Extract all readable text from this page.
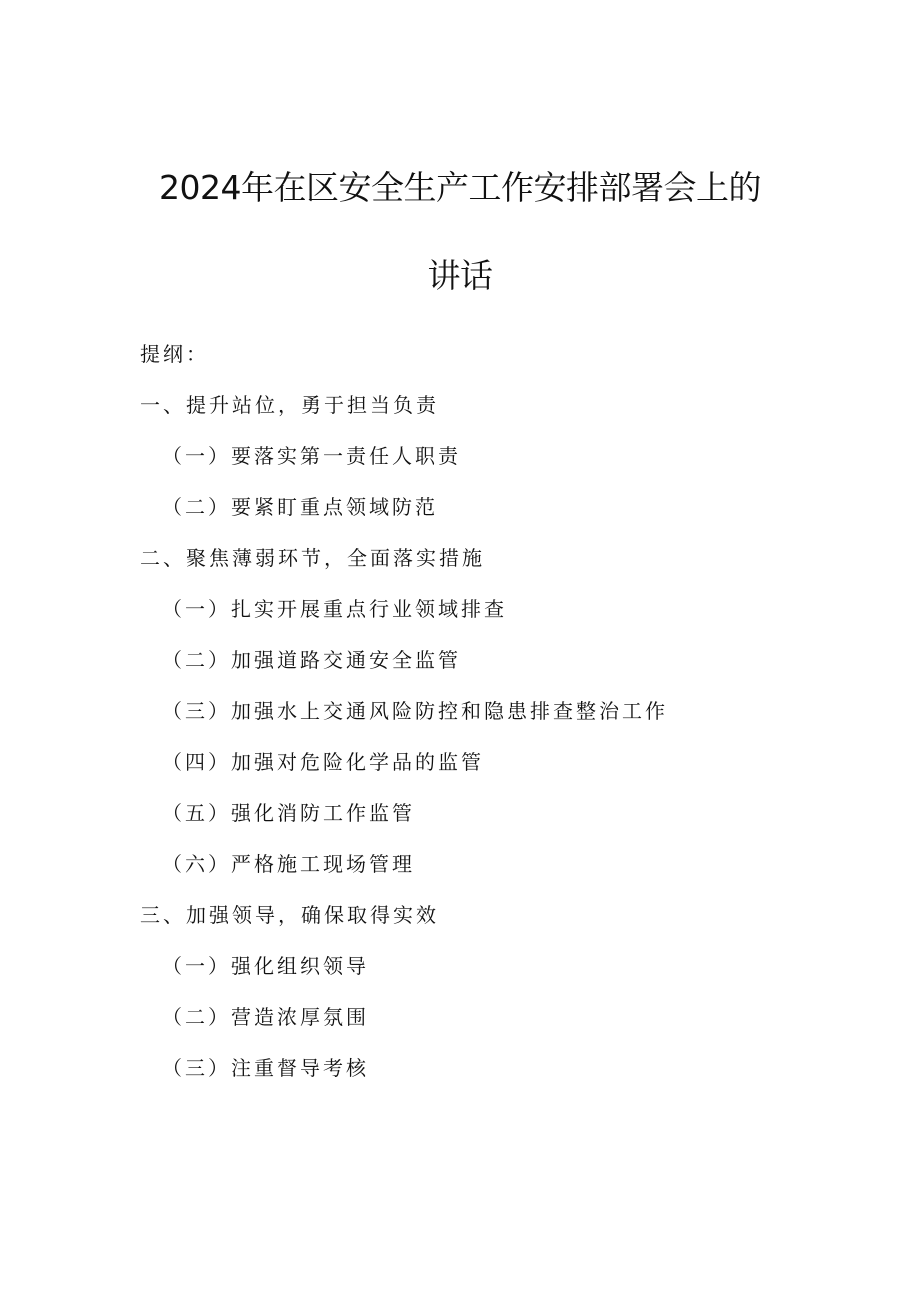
2024年在区安全生产工作安排部署会上的
讲话
提纲：
一、提升站位，勇于担当负责
（一）要落实第一责任人职责
（二）要紧盯重点领域防范
二、聚焦薄弱环节，全面落实措施
（一）扎实开展重点行业领域排查
（二）加强道路交通安全监管
（三）加强水上交通风险防控和隐患排查整治工作
（四）加强对危险化学品的监管
（五）强化消防工作监管
（六）严格施工现场管理
三、加强领导，确保取得实效
（一）强化组织领导
（二）营造浓厚氛围
（三）注重督导考核
